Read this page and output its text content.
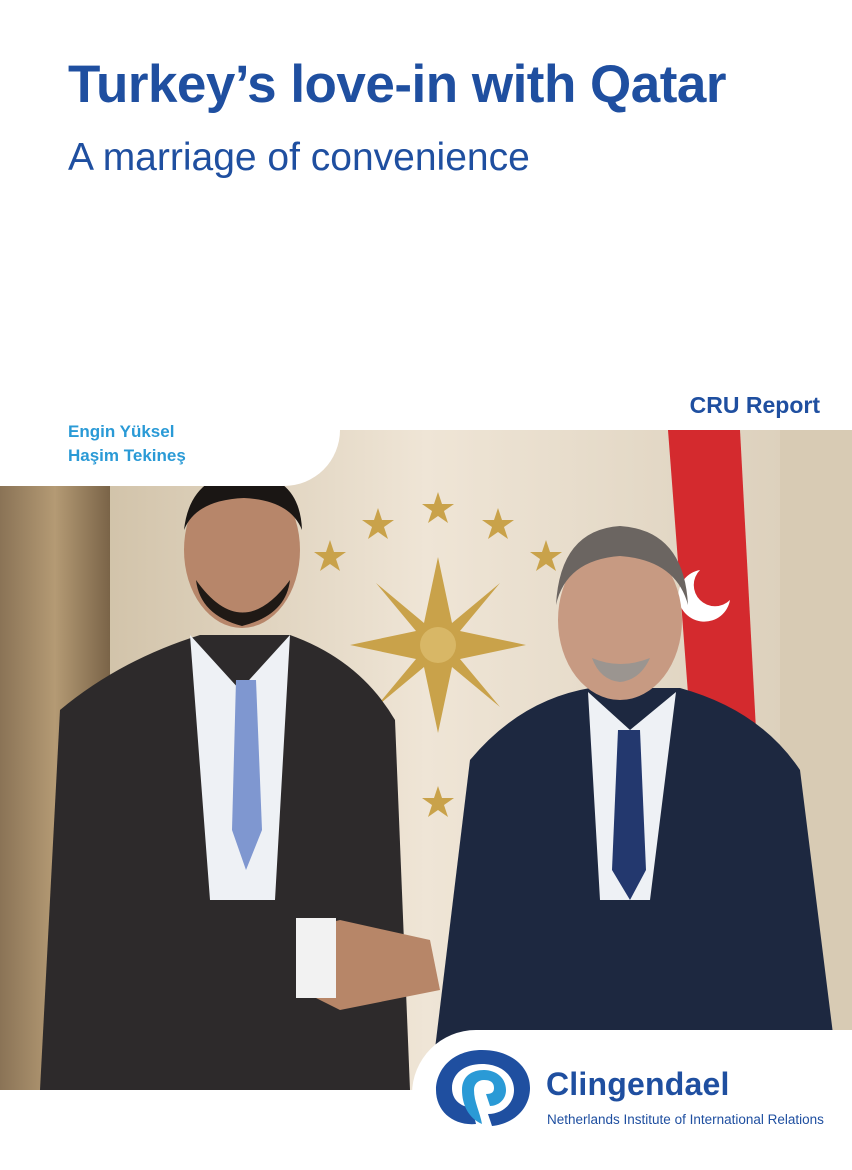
Turkey’s love-in with Qatar
A marriage of convenience
CRU Report
Engin Yüksel
Haşim Tekineş
Clingendael
Netherlands Institute of International Relations
